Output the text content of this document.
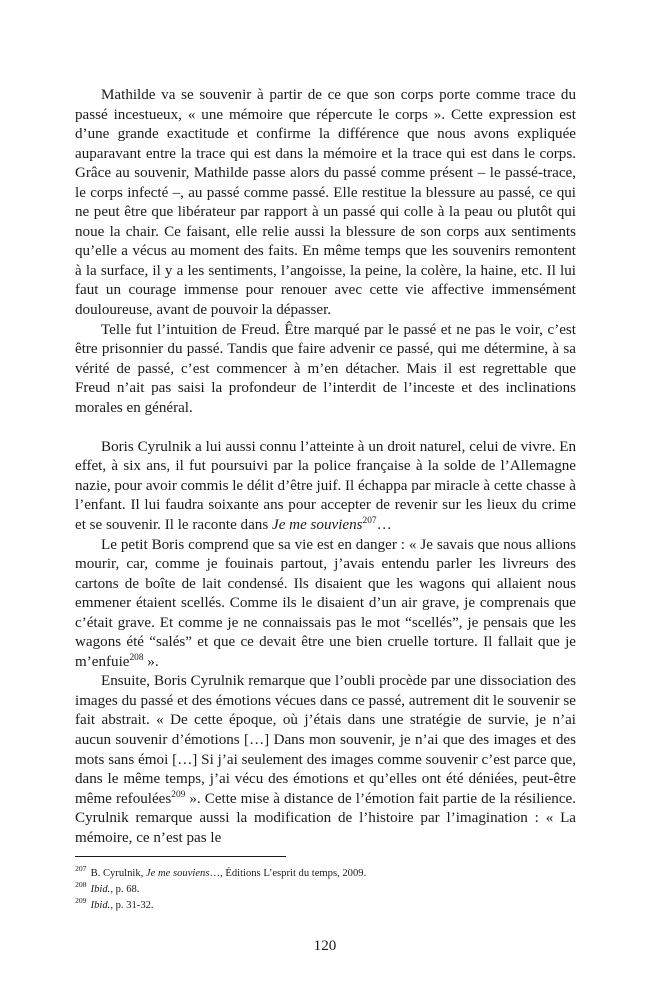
Mathilde va se souvenir à partir de ce que son corps porte comme trace du passé incestueux, « une mémoire que répercute le corps ». Cette expression est d’une grande exactitude et confirme la différence que nous avons expliquée auparavant entre la trace qui est dans la mémoire et la trace qui est dans le corps. Grâce au souvenir, Mathilde passe alors du passé comme présent – le passé-trace, le corps infecté –, au passé comme passé. Elle restitue la blessure au passé, ce qui ne peut être que libérateur par rapport à un passé qui colle à la peau ou plutôt qui noue la chair. Ce faisant, elle relie aussi la blessure de son corps aux sentiments qu’elle a vécus au moment des faits. En même temps que les souvenirs remontent à la surface, il y a les sentiments, l’angoisse, la peine, la colère, la haine, etc. Il lui faut un courage immense pour renouer avec cette vie affective immensément douloureuse, avant de pouvoir la dépasser.

Telle fut l’intuition de Freud. Être marqué par le passé et ne pas le voir, c’est être prisonnier du passé. Tandis que faire advenir ce passé, qui me détermine, à sa vérité de passé, c’est commencer à m’en détacher. Mais il est regrettable que Freud n’ait pas saisi la profondeur de l’interdit de l’inceste et des inclinations morales en général.

Boris Cyrulnik a lui aussi connu l’atteinte à un droit naturel, celui de vivre. En effet, à six ans, il fut poursuivi par la police française à la solde de l’Allemagne nazie, pour avoir commis le délit d’être juif. Il échappa par miracle à cette chasse à l’enfant. Il lui faudra soixante ans pour accepter de revenir sur les lieux du crime et se souvenir. Il le raconte dans Je me souviens$^{207}$…

Le petit Boris comprend que sa vie est en danger : « Je savais que nous allions mourir, car, comme je fouinais partout, j’avais entendu parler les livreurs des cartons de boîte de lait condensé. Ils disaient que les wagons qui allaient nous emmener étaient scellés. Comme ils le disaient d’un air grave, je comprenais que c’était grave. Et comme je ne connaissais pas le mot “scellés”, je pensais que les wagons été “salés” et que ce devait être une bien cruelle torture. Il fallait que je m’enfuie$^{208}$ ».

Ensuite, Boris Cyrulnik remarque que l’oubli procède par une dissociation des images du passé et des émotions vécues dans ce passé, autrement dit le souvenir se fait abstrait. « De cette époque, où j’étais dans une stratégie de survie, je n’ai aucun souvenir d’émotions […] Dans mon souvenir, je n’ai que des images et des mots sans émoi […] Si j’ai seulement des images comme souvenir c’est parce que, dans le même temps, j’ai vécu des émotions et qu’elles ont été déniées, peut-être même refoulées$^{209}$ ». Cette mise à distance de l’émotion fait partie de la résilience. Cyrulnik remarque aussi la modification de l’histoire par l’imagination : « La mémoire, ce n’est pas le

$^{207}$ B. Cyrulnik, Je me souviens…, Éditions L’esprit du temps, 2009.

$^{208}$ Ibid., p. 68.

$^{209}$ Ibid., p. 31-32.

120
